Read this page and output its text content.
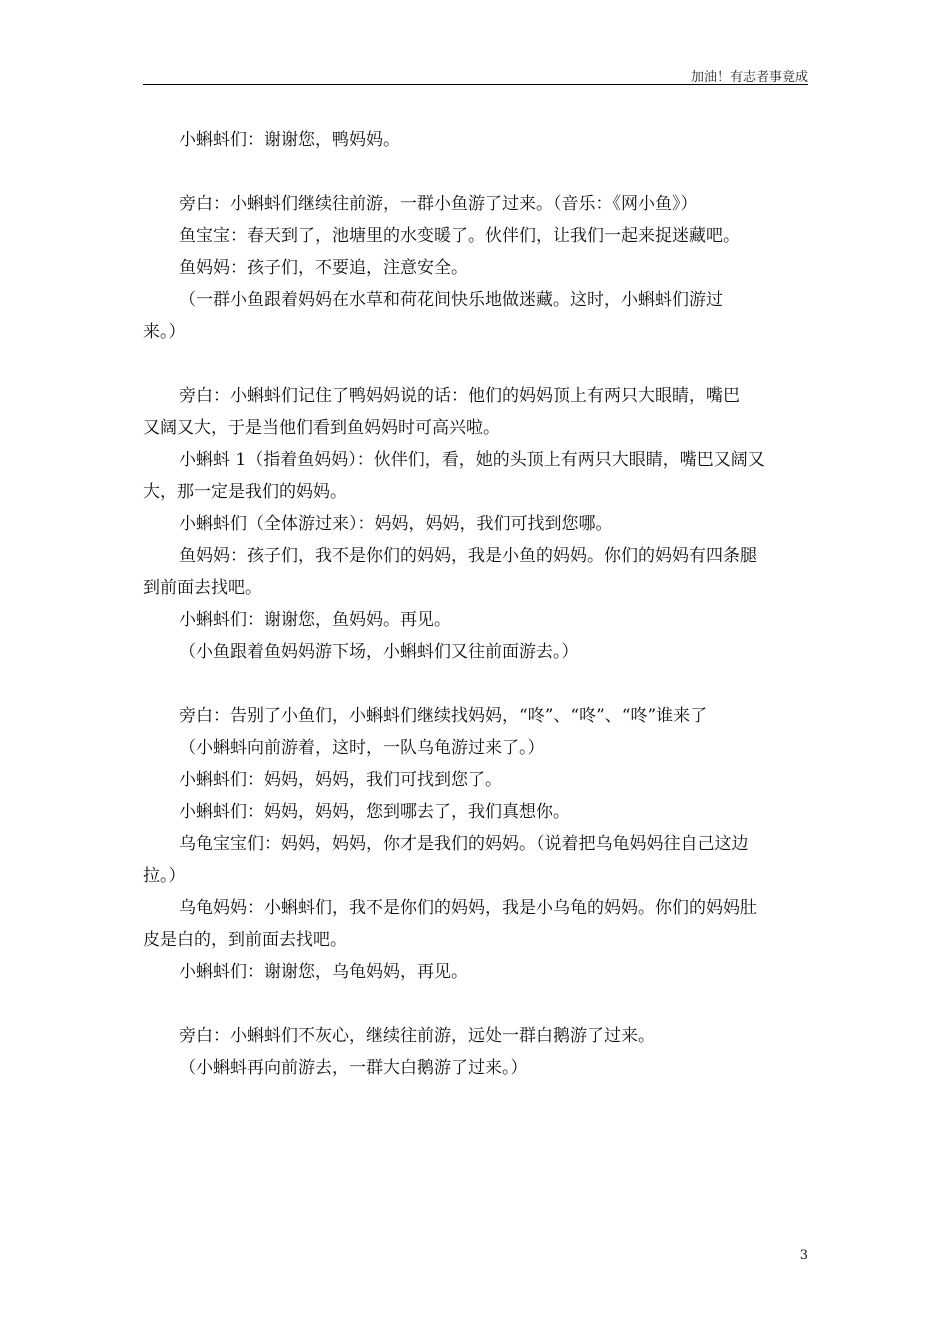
加油！有志者事竟成
小蝌蚪们：谢谢您，鸭妈妈。
旁白：小蝌蚪们继续往前游，一群小鱼游了过来。（音乐：《网小鱼》）
鱼宝宝：春天到了，池塘里的水变暖了。伙伴们，让我们一起来捉迷藏吧。
鱼妈妈：孩子们，不要追，注意安全。
（一群小鱼跟着妈妈在水草和荷花间快乐地做迷藏。这时，小蝌蚪们游过
来。）
旁白：小蝌蚪们记住了鸭妈妈说的话：他们的妈妈顶上有两只大眼睛，嘴巴
又阔又大，于是当他们看到鱼妈妈时可高兴啦。
小蝌蚪 1（指着鱼妈妈）：伙伴们，看，她的头顶上有两只大眼睛，嘴巴又阔又
大，那一定是我们的妈妈。
小蝌蚪们（全体游过来）：妈妈，妈妈，我们可找到您哪。
鱼妈妈：孩子们，我不是你们的妈妈，我是小鱼的妈妈。你们的妈妈有四条腿
到前面去找吧。
小蝌蚪们：谢谢您，鱼妈妈。再见。
（小鱼跟着鱼妈妈游下场，小蝌蚪们又往前面游去。）
旁白：告别了小鱼们，小蝌蚪们继续找妈妈，“咚”、“咚”、“咚”谁来了
（小蝌蚪向前游着，这时，一队乌龟游过来了。）
小蝌蚪们：妈妈，妈妈，我们可找到您了。
小蝌蚪们：妈妈，妈妈，您到哪去了，我们真想你。
乌龟宝宝们：妈妈，妈妈，你才是我们的妈妈。（说着把乌龟妈妈往自己这边
拉。）
乌龟妈妈：小蝌蚪们，我不是你们的妈妈，我是小乌龟的妈妈。你们的妈妈肚
皮是白的，到前面去找吧。
小蝌蚪们：谢谢您，乌龟妈妈，再见。
旁白：小蝌蚪们不灰心，继续往前游，远处一群白鹅游了过来。
（小蝌蚪再向前游去，一群大白鹅游了过来。）
3
